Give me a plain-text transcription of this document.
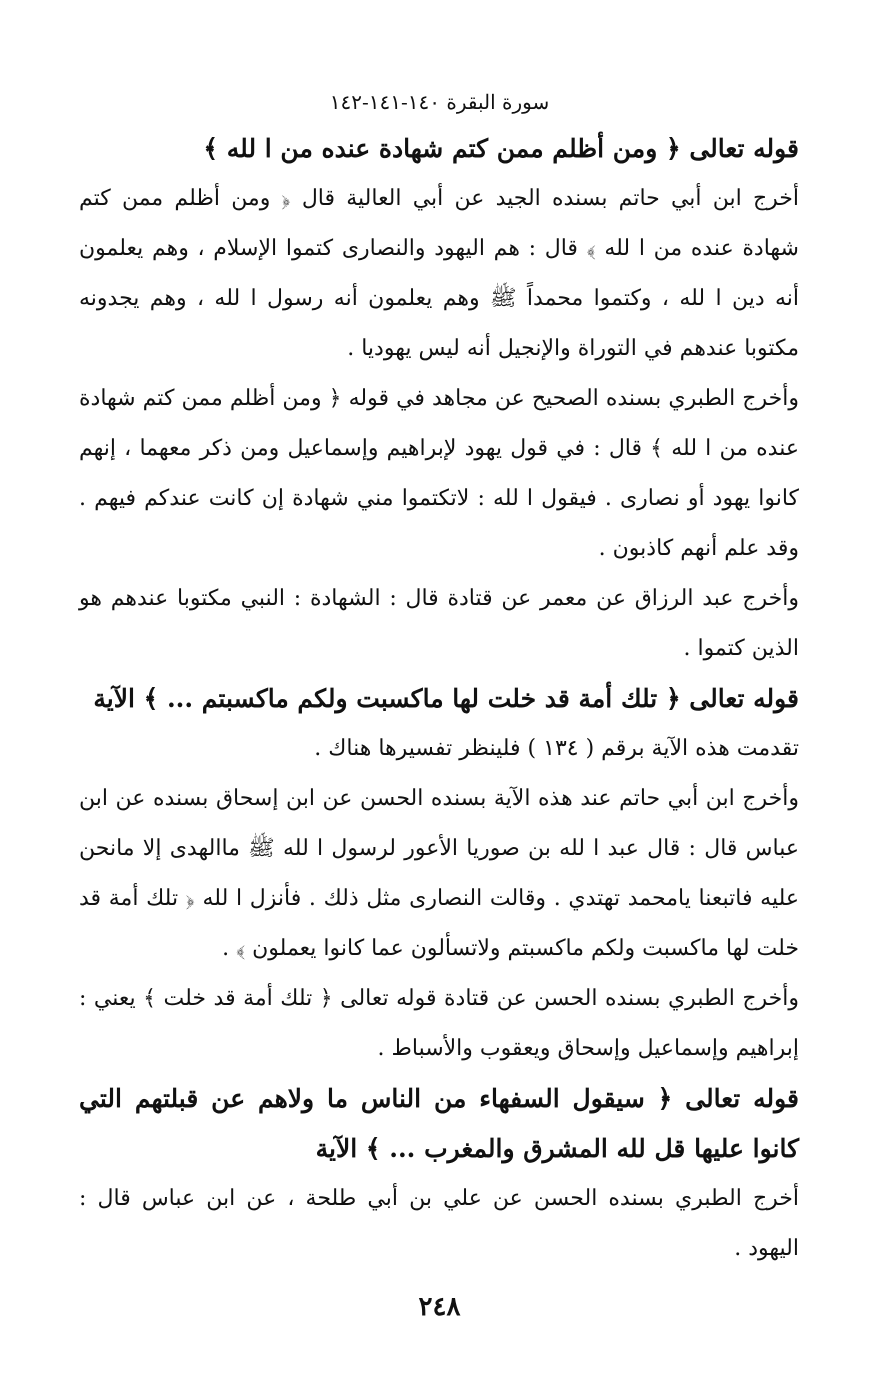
سورة البقرة ١٤٠-١٤١-١٤٢
قوله تعالى ﴿ ومن أظلم ممن كتم شهادة عنده من ا لله ﴾
أخرج ابن أبي حاتم بسنده الجيد عن أبي العالية قال ﴿ ومن أظلم ممن كتم شهادة عنده من ا لله ﴾ قال : هم اليهود والنصارى كتموا الإسلام ، وهم يعلمون أنه دين ا لله ، وكتموا محمداً ﷺ وهم يعلمون أنه رسول ا لله ، وهم يجدونه مكتوبا عندهم في التوراة والإنجيل أنه ليس يهوديا .
وأخرج الطبري بسنده الصحيح عن مجاهد في قوله ﴿ ومن أظلم ممن كتم شهادة عنده من ا لله ﴾ قال : في قول يهود لإبراهيم وإسماعيل ومن ذكر معهما ، إنهم كانوا يهود أو نصارى . فيقول ا لله : لاتكتموا مني شهادة إن كانت عندكم فيهم . وقد علم أنهم كاذبون .
وأخرج عبد الرزاق عن معمر عن قتادة قال : الشهادة : النبي مكتوبا عندهم هو الذين كتموا .
قوله تعالى ﴿ تلك أمة قد خلت لها ماكسبت ولكم ماكسبتم ... ﴾ الآية
تقدمت هذه الآية برقم ( ١٣٤ ) فلينظر تفسيرها هناك .
وأخرج ابن أبي حاتم عند هذه الآية بسنده الحسن عن ابن إسحاق بسنده عن ابن عباس قال : قال عبد ا لله بن صوريا الأعور لرسول ا لله ﷺ ماالهدى إلا مانحن عليه فاتبعنا يامحمد تهتدي . وقالت النصارى مثل ذلك . فأنزل ا لله ﴿ تلك أمة قد خلت لها ماكسبت ولكم ماكسبتم ولاتسألون عما كانوا يعملون ﴾ .
وأخرج الطبري بسنده الحسن عن قتادة قوله تعالى ﴿ تلك أمة قد خلت ﴾ يعني : إبراهيم وإسماعيل وإسحاق ويعقوب والأسباط .
قوله تعالى ﴿ سيقول السفهاء من الناس ما ولاهم عن قبلتهم التي كانوا عليها قل لله المشرق والمغرب ... ﴾ الآية
أخرج الطبري بسنده الحسن عن علي بن أبي طلحة ، عن ابن عباس قال : اليهود .
٢٤٨
